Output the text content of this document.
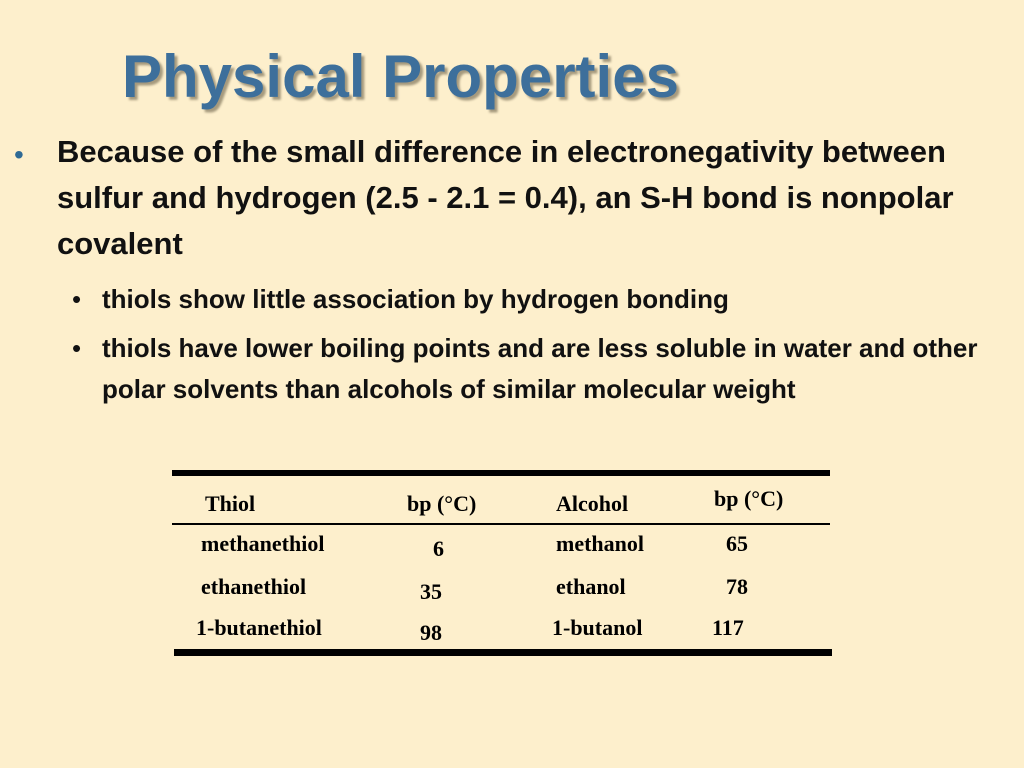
Physical Properties
• Because of the small difference in electronegativity between sulfur and hydrogen (2.5 - 2.1 = 0.4), an S-H bond is nonpolar covalent
• thiols show little association by hydrogen bonding
• thiols have lower boiling points and are less soluble in water and other polar solvents than alcohols of similar molecular weight
Thiol	bp (°C)	Alcohol	bp (°C)
methanethiol	6	methanol	65
ethanethiol	35	ethanol	78
1-butanethiol	98	1-butanol	117
